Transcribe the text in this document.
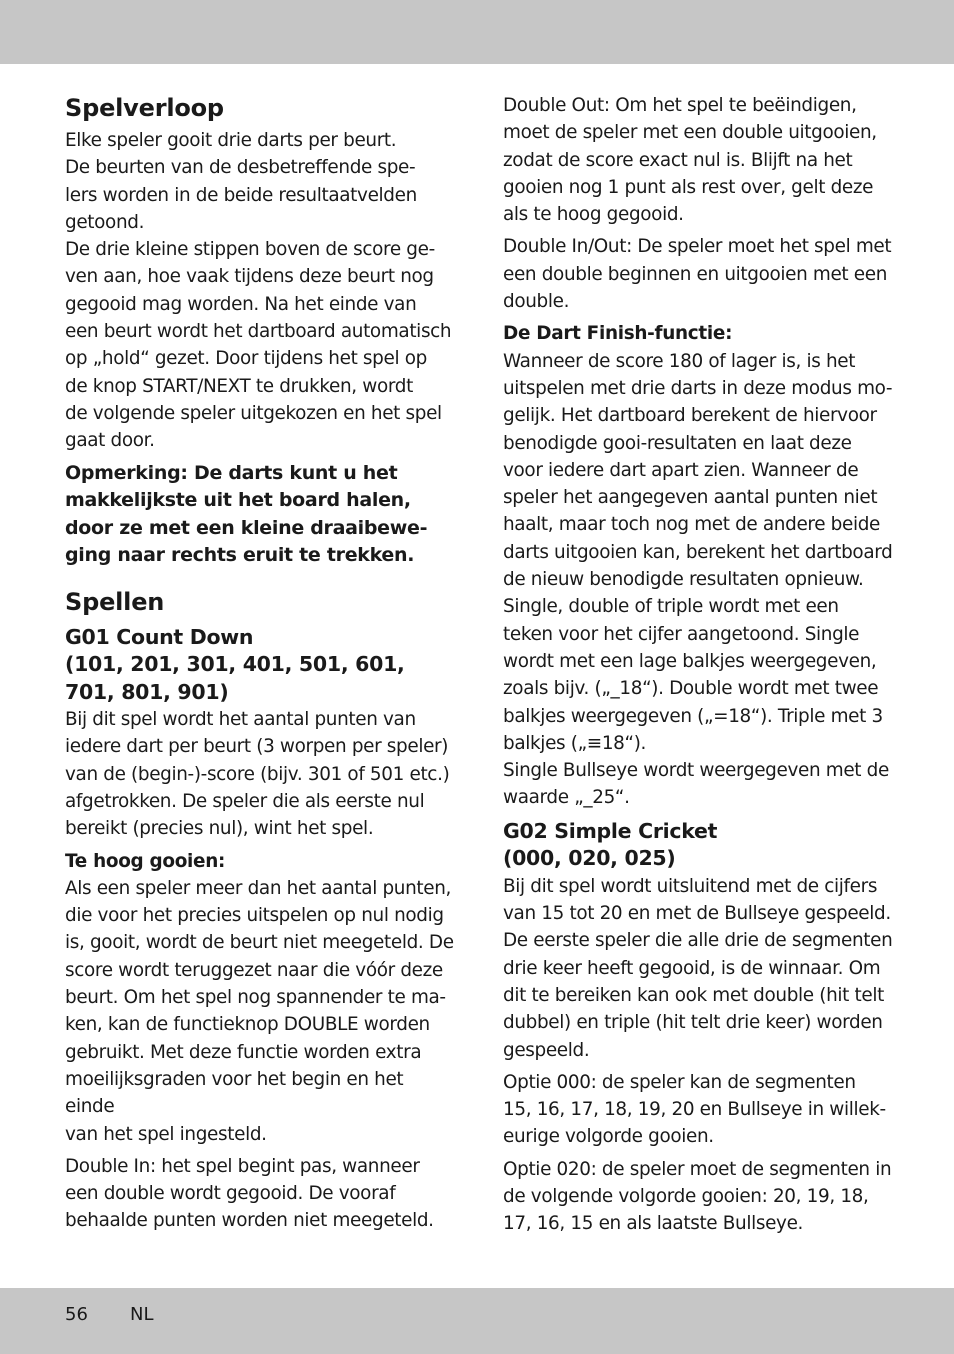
Spelverloop

Elke speler gooit drie darts per beurt.
De beurten van de desbetreffende spe-
lers worden in de beide resultaatvelden
getoond.
De drie kleine stippen boven de score ge-
ven aan, hoe vaak tijdens deze beurt nog
gegooid mag worden. Na het einde van
een beurt wordt het dartboard automatisch
op „hold“ gezet. Door tijdens het spel op
de knop START/NEXT te drukken, wordt
de volgende speler uitgekozen en het spel
gaat door.

Opmerking: De darts kunt u het
makkelijkste uit het board halen,
door ze met een kleine draaibewe-
ging naar rechts eruit te trekken.

Spellen
G01 Count Down
(101, 201, 301, 401, 501, 601,
701, 801, 901)

Bij dit spel wordt het aantal punten van
iedere dart per beurt (3 worpen per speler)
van de (begin-)-score (bijv. 301 of 501 etc.)
afgetrokken. De speler die als eerste nul
bereikt (precies nul), wint het spel.

Te hoog gooien:

Als een speler meer dan het aantal punten,
die voor het precies uitspelen op nul nodig
is, gooit, wordt de beurt niet meegeteld. De
score wordt teruggezet naar die vóór deze
beurt. Om het spel nog spannender te ma-
ken, kan de functieknop DOUBLE worden
gebruikt. Met deze functie worden extra
moeilijksgraden voor het begin en het einde
van het spel ingesteld.

Double In: het spel begint pas, wanneer
een double wordt gegooid. De vooraf
behaalde punten worden niet meegeteld.

Double Out: Om het spel te beëindigen,
moet de speler met een double uitgooien,
zodat de score exact nul is. Blijft na het
gooien nog 1 punt als rest over, gelt deze
als te hoog gegooid.

Double In/Out: De speler moet het spel met
een double beginnen en uitgooien met een
double.

De Dart Finish-functie:

Wanneer de score 180 of lager is, is het
uitspelen met drie darts in deze modus mo-
gelijk. Het dartboard berekent de hiervoor
benodigde gooi-resultaten en laat deze
voor iedere dart apart zien. Wanneer de
speler het aangegeven aantal punten niet
haalt, maar toch nog met de andere beide
darts uitgooien kan, berekent het dartboard
de nieuw benodigde resultaten opnieuw.
Single, double of triple wordt met een
teken voor het cijfer aangetoond. Single
wordt met een lage balkjes weergegeven,
zoals bijv. („_18“). Double wordt met twee
balkjes weergegeven („=18“). Triple met 3
balkjes („≡18“).
Single Bullseye wordt weergegeven met de
waarde „_25“.

G02 Simple Cricket
(000, 020, 025)

Bij dit spel wordt uitsluitend met de cijfers
van 15 tot 20 en met de Bullseye gespeeld.
De eerste speler die alle drie de segmenten
drie keer heeft gegooid, is de winnaar. Om
dit te bereiken kan ook met double (hit telt
dubbel) en triple (hit telt drie keer) worden
gespeeld.

Optie 000: de speler kan de segmenten
15, 16, 17, 18, 19, 20 en Bullseye in willek-
eurige volgorde gooien.

Optie 020: de speler moet de segmenten in
de volgende volgorde gooien: 20, 19, 18,
17, 16, 15 en als laatste Bullseye.

56 NL
